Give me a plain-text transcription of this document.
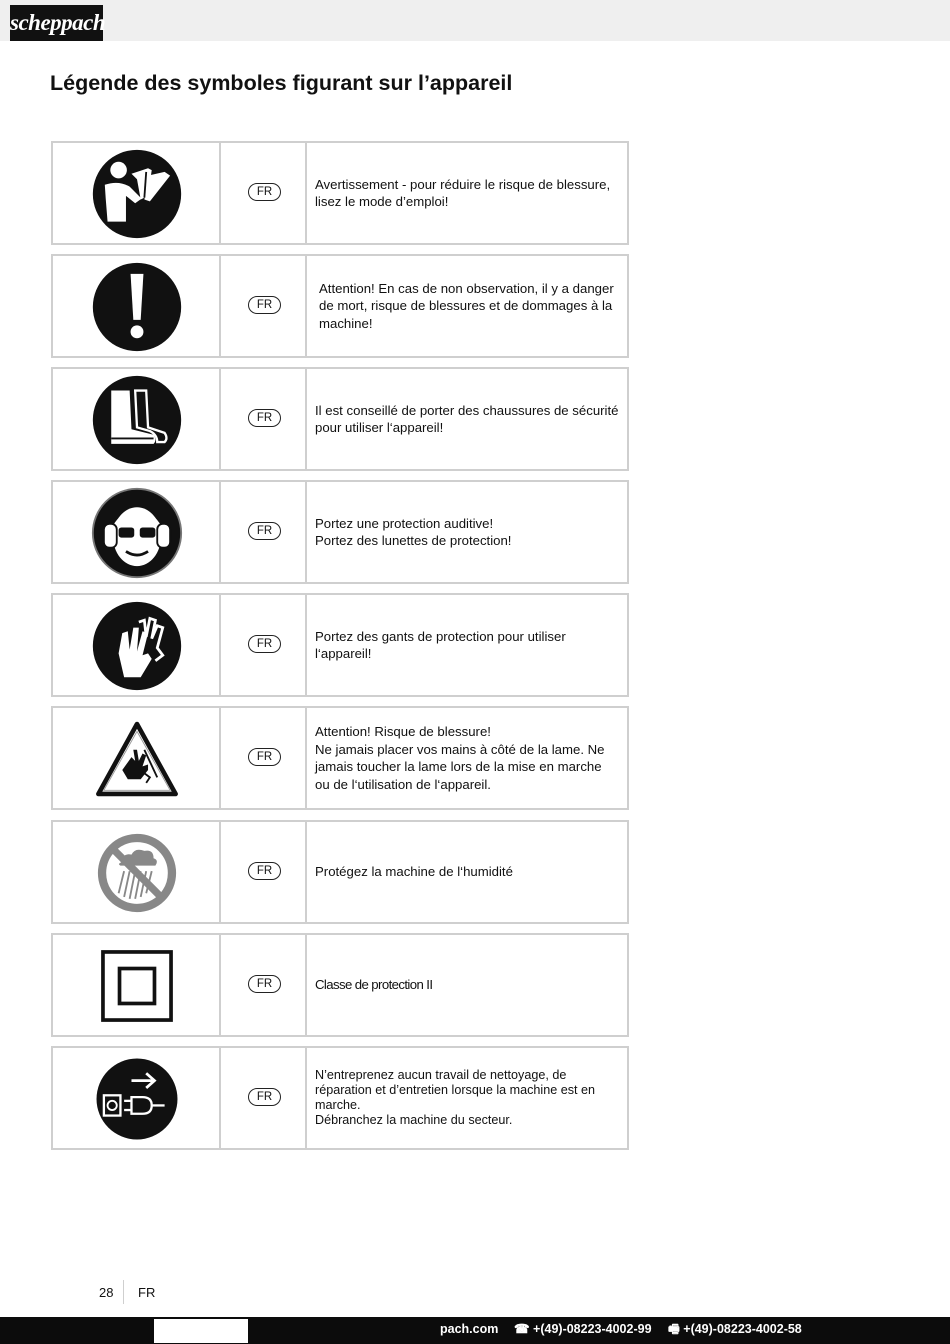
scheppach
Légende des symboles figurant sur l’appareil
FR
Avertissement - pour réduire le risque de blessure, lisez le mode d’emploi!
FR
Attention! En cas de non observation, il y a danger de mort, risque de blessures et de dommages à la machine!
FR
Il est conseillé de porter des chaussures de sécurité pour utiliser l‘appareil!
FR
Portez une protection auditive!
Portez des lunettes de protection!
FR
Portez des gants de protection pour utiliser l‘appareil!
FR
Attention! Risque de blessure!
Ne jamais placer vos mains à côté de la lame. Ne jamais toucher la lame lors de la mise en marche ou de l‘utilisation de l‘appareil.
FR	Protégez la machine de l‘humidité
FR	Classe de protection II
FR
N’entreprenez aucun travail de nettoyage, de réparation et d’entretien lorsque la machine est en marche.
Débranchez la machine du secteur.
28 FR
pach.com ☎ +(49)-08223-4002-99 🖷 +(49)-08223-4002-58
